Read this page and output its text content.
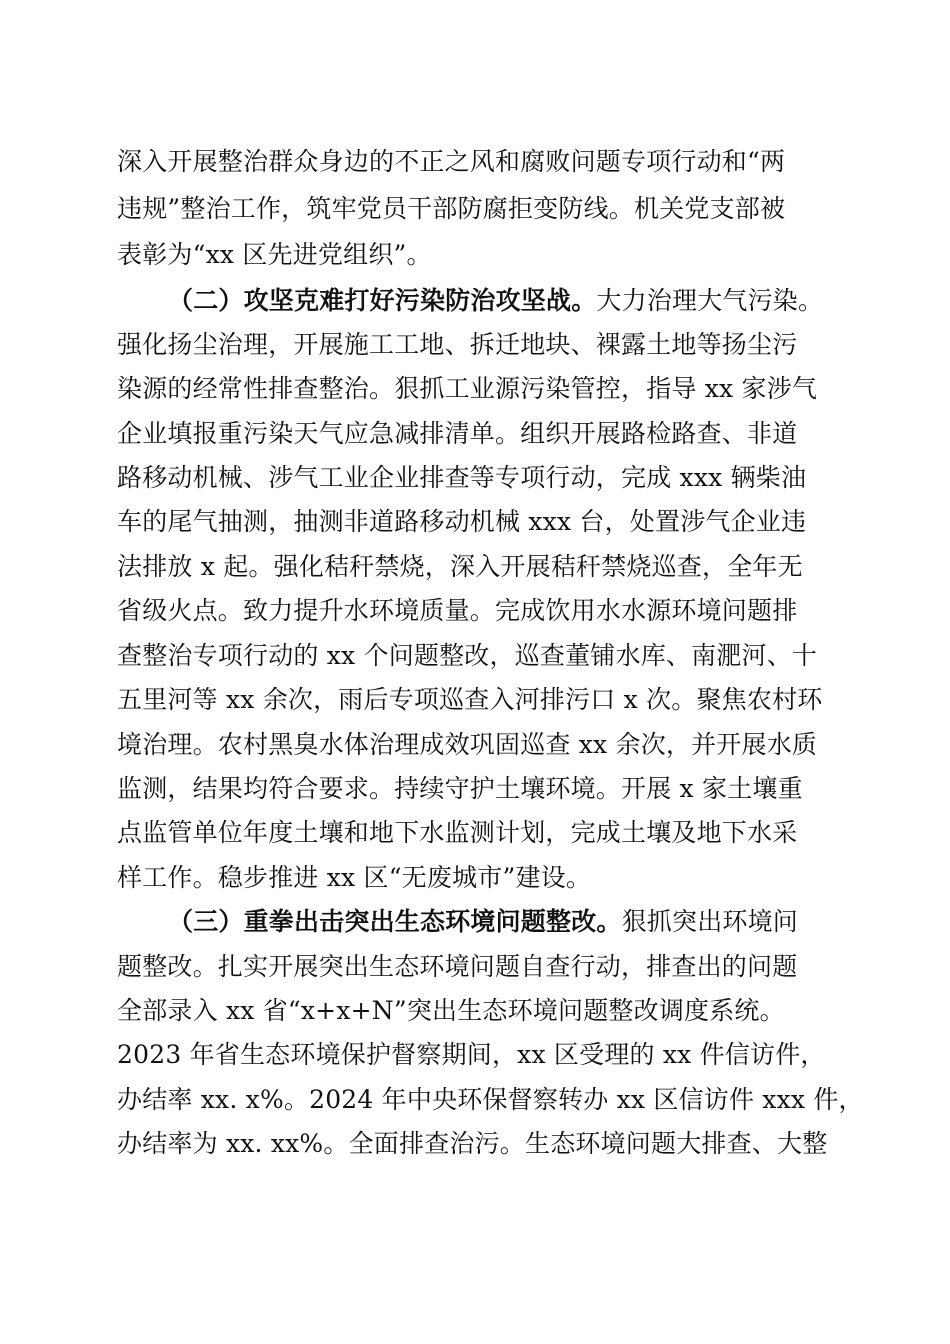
深入开展整治群众身边的不正之风和腐败问题专项行动和“两
违规”整治工作，筑牢党员干部防腐拒变防线。机关党支部被
表彰为“xx 区先进党组织”。
（二）攻坚克难打好污染防治攻坚战。大力治理大气污染。
强化扬尘治理，开展施工工地、拆迁地块、裸露土地等扬尘污
染源的经常性排查整治。狠抓工业源污染管控，指导 xx 家涉气
企业填报重污染天气应急减排清单。组织开展路检路查、非道
路移动机械、涉气工业企业排查等专项行动，完成 xxx 辆柴油
车的尾气抽测，抽测非道路移动机械 xxx 台，处置涉气企业违
法排放 x 起。强化秸秆禁烧，深入开展秸秆禁烧巡查，全年无
省级火点。致力提升水环境质量。完成饮用水水源环境问题排
查整治专项行动的 xx 个问题整改，巡查董铺水库、南淝河、十
五里河等 xx 余次，雨后专项巡查入河排污口 x 次。聚焦农村环
境治理。农村黑臭水体治理成效巩固巡查 xx 余次，并开展水质
监测，结果均符合要求。持续守护土壤环境。开展 x 家土壤重
点监管单位年度土壤和地下水监测计划，完成土壤及地下水采
样工作。稳步推进 xx 区“无废城市”建设。
（三）重拳出击突出生态环境问题整改。狠抓突出环境问
题整改。扎实开展突出生态环境问题自查行动，排查出的问题
全部录入 xx 省“x+x+N”突出生态环境问题整改调度系统。
2023 年省生态环境保护督察期间，xx 区受理的 xx 件信访件，
办结率 xx. x%。2024 年中央环保督察转办 xx 区信访件 xxx 件，
办结率为 xx. xx%。全面排查治污。生态环境问题大排查、大整
